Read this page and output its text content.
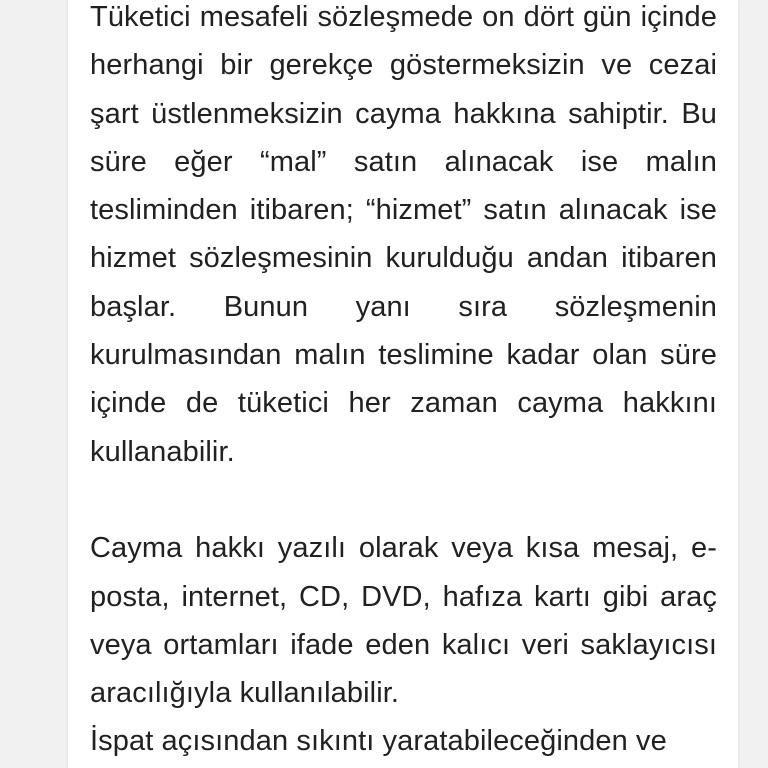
Tüketici mesafeli sözleşmede on dört gün içinde herhangi bir gerekçe göstermeksizin ve cezai şart üstlenmeksizin cayma hakkına sahiptir. Bu süre eğer “mal” satın alınacak ise malın tesliminden itibaren; “hizmet” satın alınacak ise hizmet sözleşmesinin kurulduğu andan itibaren başlar. Bunun yanı sıra sözleşmenin kurulmasından malın teslimine kadar olan süre içinde de tüketici her zaman cayma hakkını kullanabilir.

Cayma hakkı yazılı olarak veya kısa mesaj, e-posta, internet, CD, DVD, hafıza kartı gibi araç veya ortamları ifade eden kalıcı veri saklayıcısı aracılığıyla kullanılabilir.

İspat açısından sıkıntı yaratabileceğinden ve
